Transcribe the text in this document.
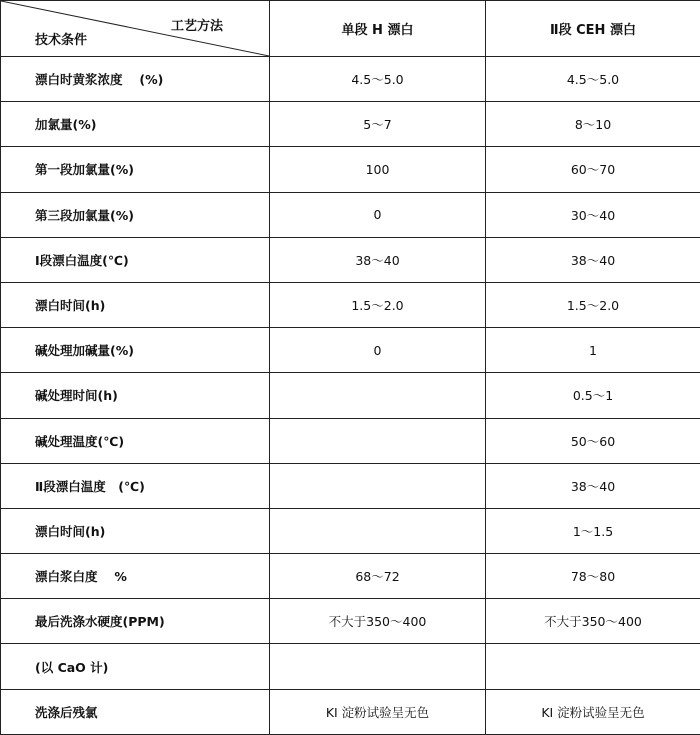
工艺方法
技术条件	单段 H 漂白	Ⅱ段 CEH 漂白
漂白时黄浆浓度　 (%)	4.5～5.0	4.5～5.0
加氯量(%)	5～7	8～10
第一段加氯量(%)	100	60～70
第三段加氯量(%)	0	30～40
Ⅰ段漂白温度(℃)	38～40	38～40
漂白时间(h)	1.5～2.0	1.5～2.0
碱处理加碱量(%)	0	1
碱处理时间(h)		0.5～1
碱处理温度(℃)		50～60
Ⅱ段漂白温度　(℃)		38～40
漂白时间(h)		1～1.5
漂白浆白度　 %	68～72	78～80
最后洗涤水硬度(PPM)	不大于350～400	不大于350～400
(以 CaO 计)		
洗涤后残氯	KI 淀粉试验呈无色	KI 淀粉试验呈无色
